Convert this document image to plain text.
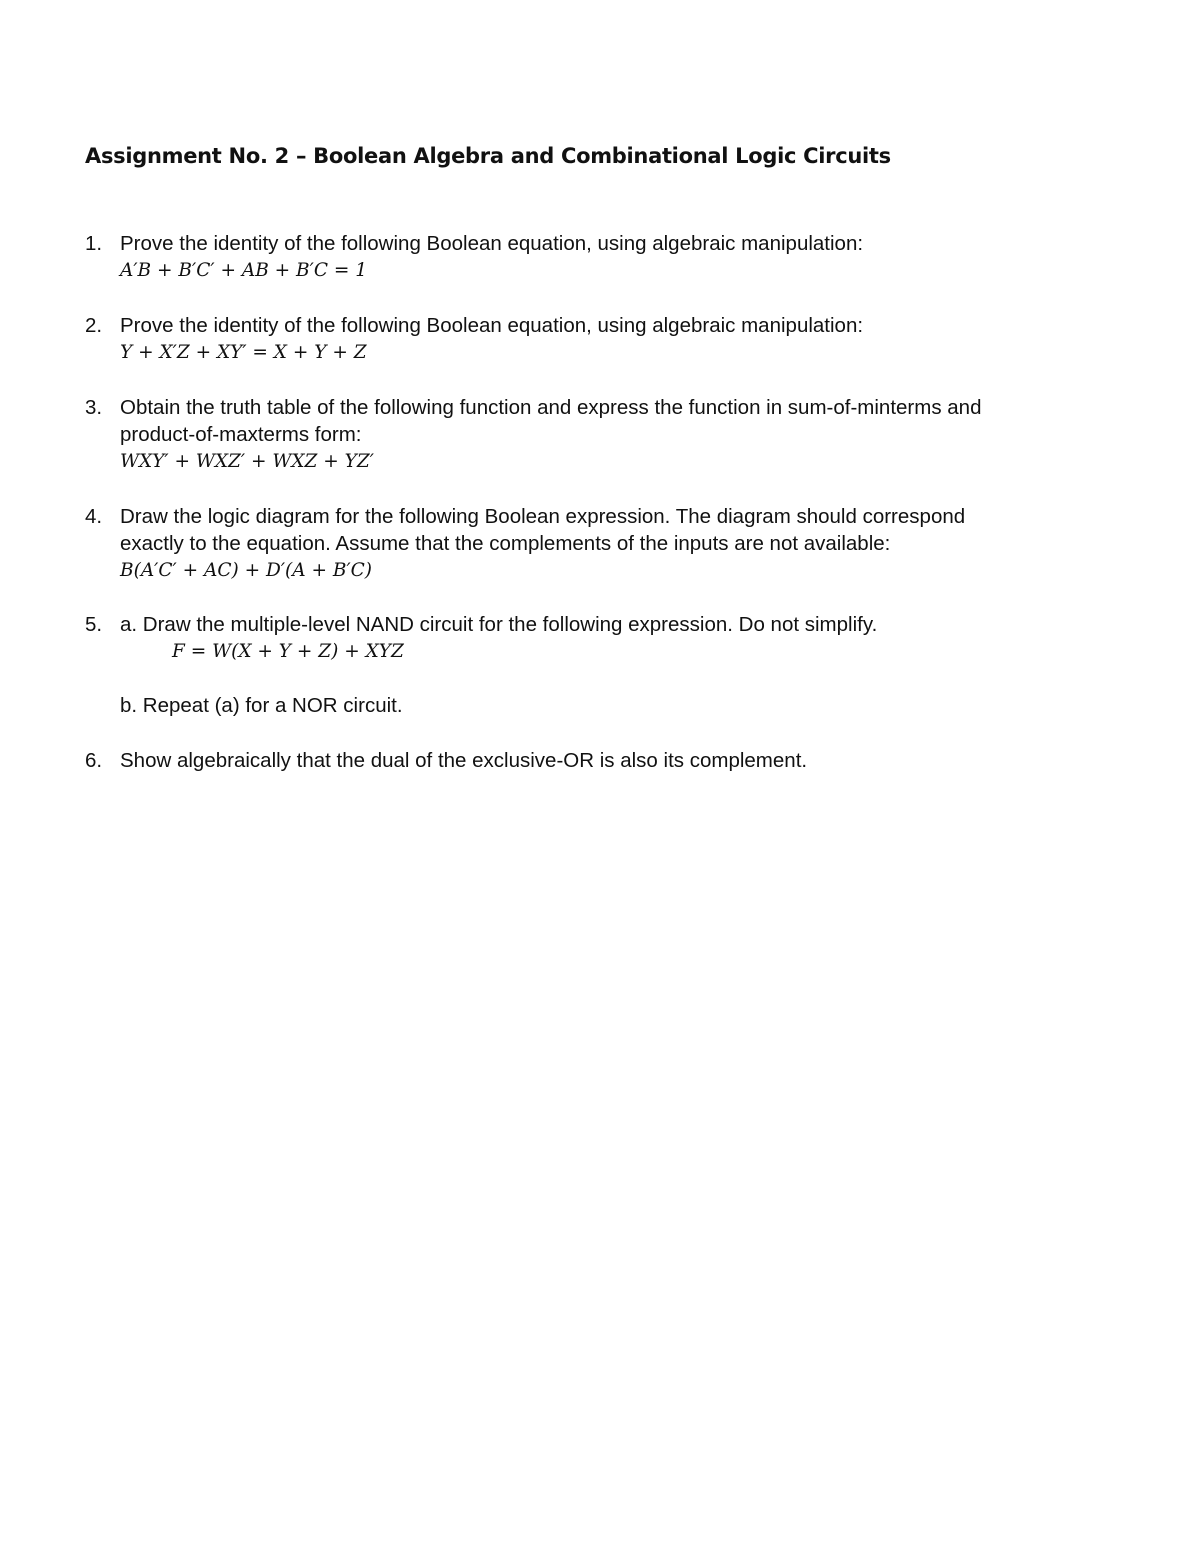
Assignment No. 2 – Boolean Algebra and Combinational Logic Circuits
1. Prove the identity of the following Boolean equation, using algebraic manipulation:
A′B + B′C′ + AB + B′C = 1
2. Prove the identity of the following Boolean equation, using algebraic manipulation:
Y + X′Z + XY′ = X + Y + Z
3. Obtain the truth table of the following function and express the function in sum-of-minterms and
product-of-maxterms form:
WXY′ + WXZ′ + WXZ + YZ′
4. Draw the logic diagram for the following Boolean expression. The diagram should correspond
exactly to the equation. Assume that the complements of the inputs are not available:
B(A′C′ + AC) + D′(A + B′C)
5. a. Draw the multiple-level NAND circuit for the following expression. Do not simplify.
F = W(X + Y + Z) + XYZ
b. Repeat (a) for a NOR circuit.
6. Show algebraically that the dual of the exclusive-OR is also its complement.
